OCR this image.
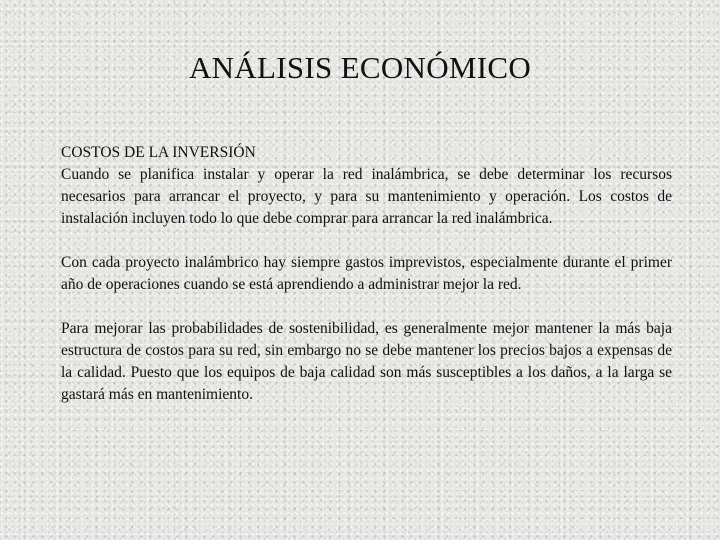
ANÁLISIS ECONÓMICO
COSTOS DE LA INVERSIÓN

Cuando se planifica instalar y operar la red inalámbrica, se debe determinar los recursos necesarios para arrancar el proyecto, y para su mantenimiento y operación. Los costos de instalación incluyen todo lo que debe comprar para arrancar la red inalámbrica.

Con cada proyecto inalámbrico hay siempre gastos imprevistos, especialmente durante el primer año de operaciones cuando se está aprendiendo a administrar mejor la red.

Para mejorar las probabilidades de sostenibilidad, es generalmente mejor mantener la más baja estructura de costos para su red, sin embargo no se debe mantener los precios bajos a expensas de la calidad. Puesto que los equipos de baja calidad son más susceptibles a los daños, a la larga se gastará más en mantenimiento.
